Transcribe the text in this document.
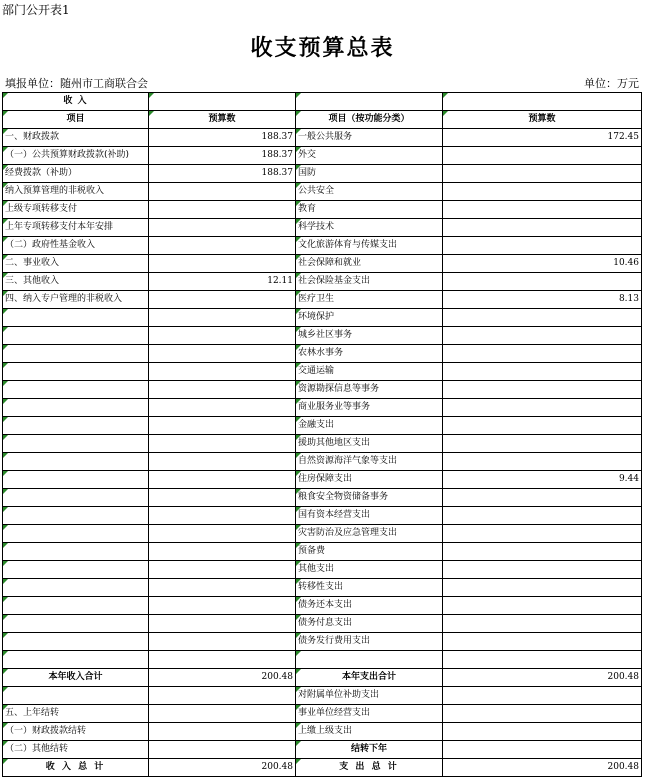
部门公开表1
收支预算总表
填报单位：随州市工商联合会	单位：万元
收 入			
项目	预算数	项目（按功能分类）	预算数
一、财政拨款	188.37	一般公共服务	172.45
（一）公共预算财政拨款(补助)	188.37	外交	
经费拨款（补助）	188.37	国防	
纳入预算管理的非税收入		公共安全	
上级专项转移支付		教育	
上年专项转移支付本年安排		科学技术	
（二）政府性基金收入		文化旅游体育与传媒支出	
二、事业收入		社会保障和就业	10.46
三、其他收入	12.11	社会保险基金支出	
四、纳入专户管理的非税收入		医疗卫生	8.13
		环境保护	
		城乡社区事务	
		农林水事务	
		交通运输	
		资源勘探信息等事务	
		商业服务业等事务	
		金融支出	
		援助其他地区支出	
		自然资源海洋气象等支出	
		住房保障支出	9.44
		粮食安全物资储备事务	
		国有资本经营支出	
		灾害防治及应急管理支出	
		预备费	
		其他支出	
		转移性支出	
		债务还本支出	
		债务付息支出	
		债务发行费用支出	

本年收入合计	200.48	本年支出合计	200.48
		对附属单位补助支出	
五、上年结转		事业单位经营支出	
（一）财政拨款结转		上缴上级支出	
（二）其他结转		结转下年	
收 入 总 计	200.48	支 出 总 计	200.48
